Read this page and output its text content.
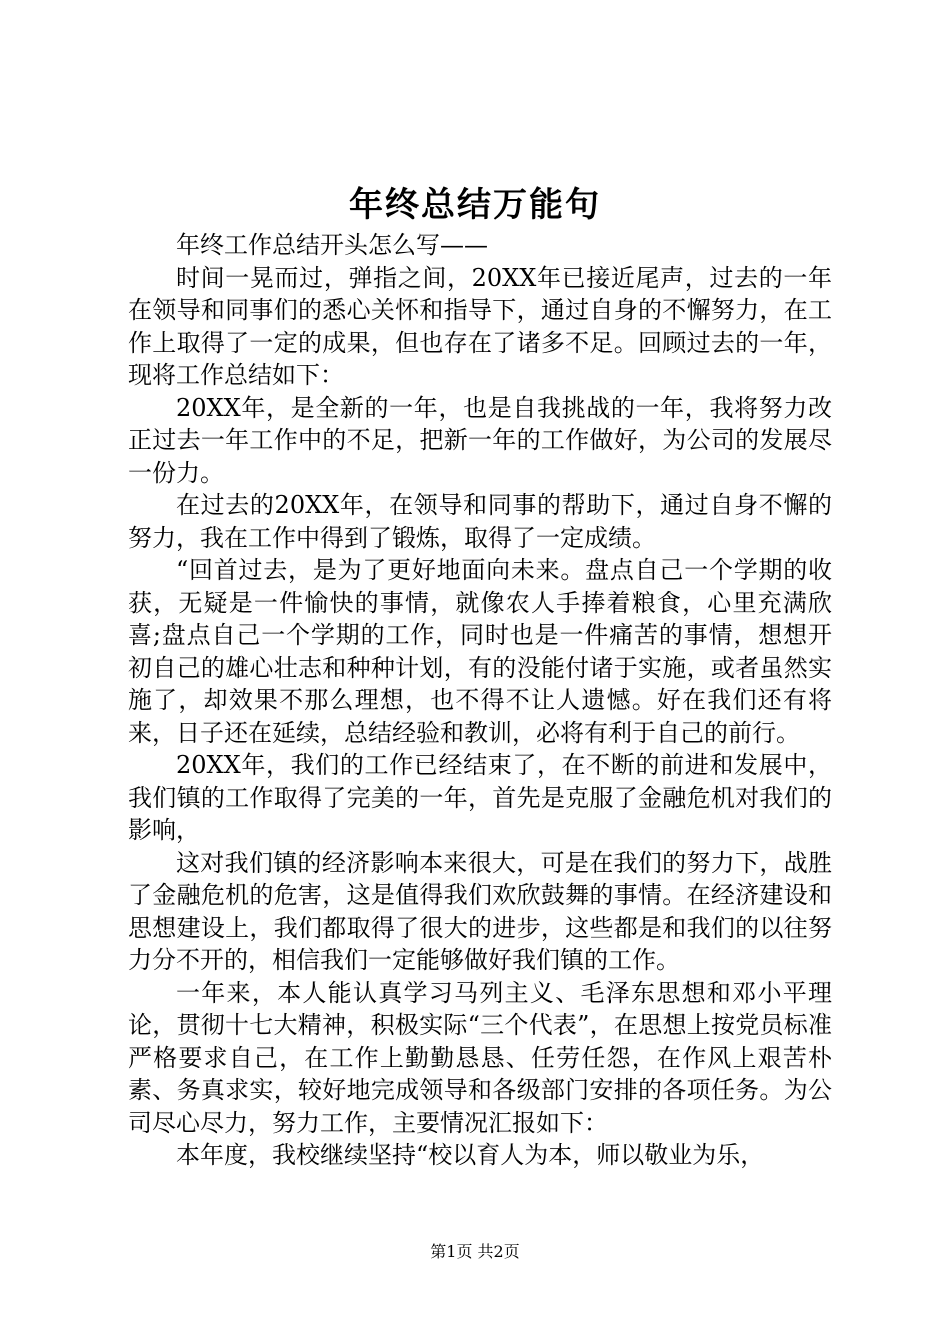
年终总结万能句

年终工作总结开头怎么写——

时间一晃而过，弹指之间，20XX年已接近尾声，过去的一年在领导和同事们的悉心关怀和指导下，通过自身的不懈努力，在工作上取得了一定的成果，但也存在了诸多不足。回顾过去的一年，现将工作总结如下：

20XX年，是全新的一年，也是自我挑战的一年，我将努力改正过去一年工作中的不足，把新一年的工作做好，为公司的发展尽一份力。

在过去的20XX年，在领导和同事的帮助下，通过自身不懈的努力，我在工作中得到了锻炼，取得了一定成绩。

“回首过去，是为了更好地面向未来。盘点自己一个学期的收获，无疑是一件愉快的事情，就像农人手捧着粮食，心里充满欣喜;盘点自己一个学期的工作，同时也是一件痛苦的事情，想想开初自己的雄心壮志和种种计划，有的没能付诸于实施，或者虽然实施了，却效果不那么理想，也不得不让人遗憾。好在我们还有将来，日子还在延续，总结经验和教训，必将有利于自己的前行。

20XX年，我们的工作已经结束了，在不断的前进和发展中，我们镇的工作取得了完美的一年，首先是克服了金融危机对我们的影响，

这对我们镇的经济影响本来很大，可是在我们的努力下，战胜了金融危机的危害，这是值得我们欢欣鼓舞的事情。在经济建设和思想建设上，我们都取得了很大的进步，这些都是和我们的以往努力分不开的，相信我们一定能够做好我们镇的工作。

一年来，本人能认真学习马列主义、毛泽东思想和邓小平理论，贯彻十七大精神，积极实际“三个代表”，在思想上按党员标准严格要求自己，在工作上勤勤恳恳、任劳任怨，在作风上艰苦朴素、务真求实，较好地完成领导和各级部门安排的各项任务。为公司尽心尽力，努力工作，主要情况汇报如下：

本年度，我校继续坚持“校以育人为本，师以敬业为乐，

第1页 共2页
